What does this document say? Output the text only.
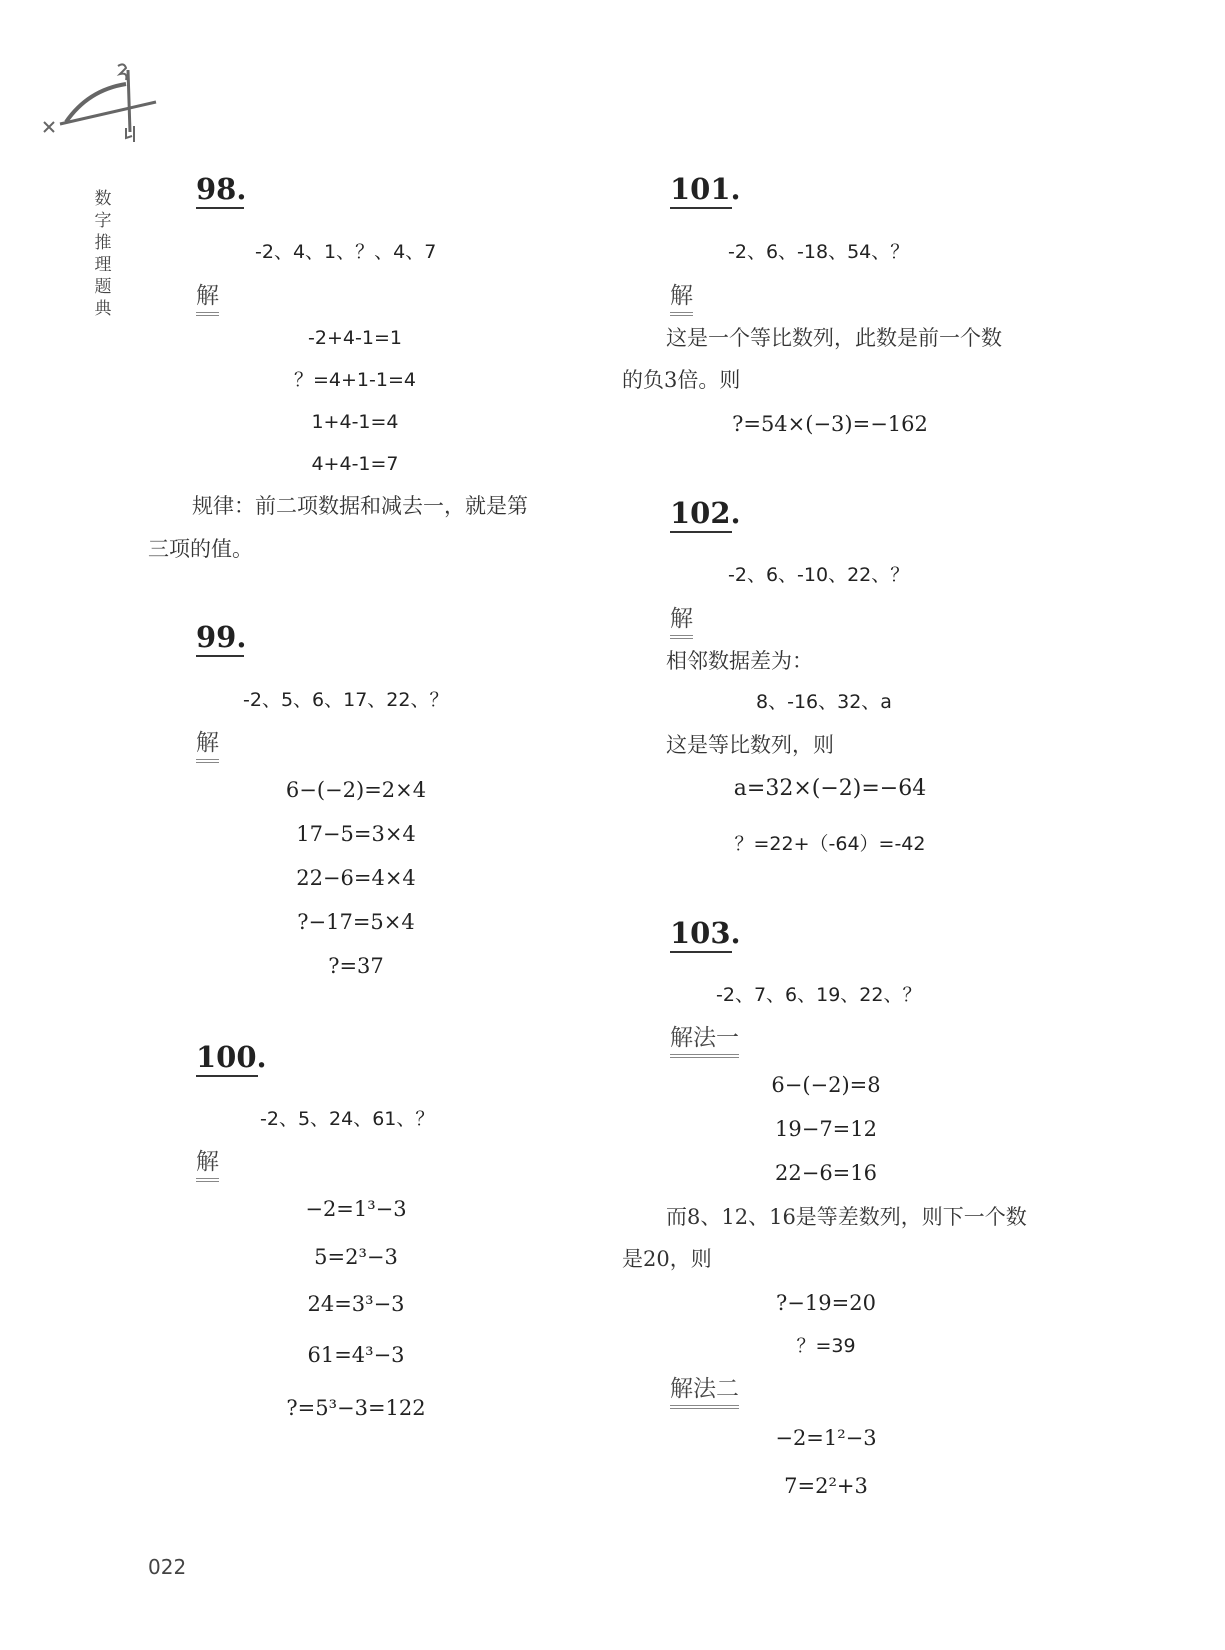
数
字
推
理
题
典
98.
-2、4、1、？、4、7
解
-2+4-1=1
？=4+1-1=4
1+4-1=4
4+4-1=7
规律：前二项数据和减去一，就是第
三项的值。
99.
-2、5、6、17、22、？
解
6−(−2)=2×4
17−5=3×4
22−6=4×4
?−17=5×4
?=37
100.
-2、5、24、61、？
解
−2=1³−3
5=2³−3
24=3³−3
61=4³−3
?=5³−3=122
101.
-2、6、-18、54、？
解
这是一个等比数列，此数是前一个数
的负3倍。则
?=54×(−3)=−162
102.
-2、6、-10、22、？
解
相邻数据差为：
8、-16、32、a
这是等比数列，则
a=32×(−2)=−64
？=22+（-64）=-42
103.
-2、7、6、19、22、？
解法一
6−(−2)=8
19−7=12
22−6=16
而8、12、16是等差数列，则下一个数
是20，则
?−19=20
？=39
解法二
−2=1²−3
7=2²+3
022
